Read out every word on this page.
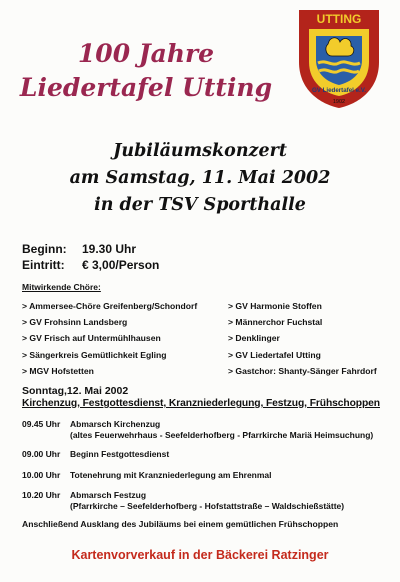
100 Jahre
Liedertafel Utting
UTTING
GV Liedertafel e.V.
1902
Jubiläumskonzert
am Samstag, 11. Mai 2002
in der TSV Sporthalle
Beginn: 19.30 Uhr
Eintritt: € 3,00/Person
Mitwirkende Chöre:
> Ammersee-Chöre Greifenberg/Schondorf
> GV Frohsinn Landsberg
> GV Frisch auf Untermühlhausen
> Sängerkreis Gemütlichkeit Egling
> MGV Hofstetten
> GV Harmonie Stoffen
> Männerchor Fuchstal
> Denklinger
> GV Liedertafel Utting
> Gastchor: Shanty-Sänger Fahrdorf
Sonntag,12. Mai 2002
Kirchenzug, Festgottesdienst, Kranzniederlegung, Festzug, Frühschoppen
09.45 Uhr Abmarsch Kirchenzug
(altes Feuerwehrhaus - Seefelderhofberg - Pfarrkirche Mariä Heimsuchung)
09.00 Uhr Beginn Festgottesdienst
10.00 Uhr Totenehrung mit Kranzniederlegung am Ehrenmal
10.20 Uhr Abmarsch Festzug
(Pfarrkirche – Seefelderhofberg - Hofstattstraße – Waldschießstätte)
Anschließend Ausklang des Jubiläums bei einem gemütlichen Frühschoppen
Kartenvorverkauf in der Bäckerei Ratzinger
